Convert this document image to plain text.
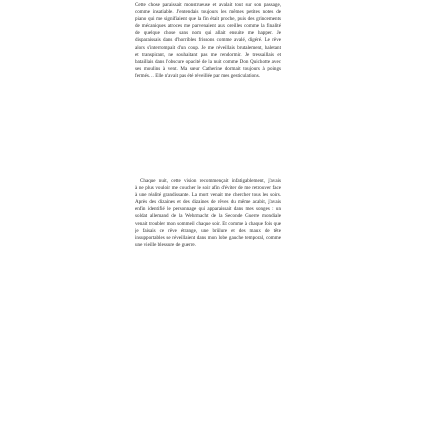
Cette chose paraissait monstrueuse et avalait tout sur son passage,
comme insatiable. J'entendais toujours les mêmes petites notes de
piano qui me signifiaient que la fin était proche, puis des grincements
de mécaniques atroces me parvenaient aux oreilles comme la finalité
de quelque chose sans nom qui allait ensuite me happer. Je
disparaissais dans d'horribles frissons comme avalé, digéré. Le rêve
alors s'interrompait d'un coup. Je me réveillais brutalement, haletant
et transpirant, ne souhaitant pas me rendormir. Je tressaillais et
bataillais dans l'obscure opacité de la nuit comme Don Quichotte avec
ses moulins à vent. Ma sœur Catherine dormait toujours à poings
fermés… Elle n'avait pas été réveillée par mes gesticulations.
Chaque nuit, cette vision recommençait infatigablement, j'avais
à ne plus vouloir me coucher le soir afin d'éviter de me retrouver face
à une réalité grandissante. La mort venait me chercher tous les soirs.
Après des dizaines et des dizaines de rêves du même acabit, j'avais
enfin identifié le personnage qui apparaissait dans mes songes : un
soldat allemand de la Wehrmacht de la Seconde Guerre mondiale
venait troubler mon sommeil chaque soir. Et comme à chaque fois que
je faisais ce rêve étrange, une brûlure et des maux de tête
insupportables se réveillaient dans mon lobe gauche temporal, comme
une vieille blessure de guerre.
